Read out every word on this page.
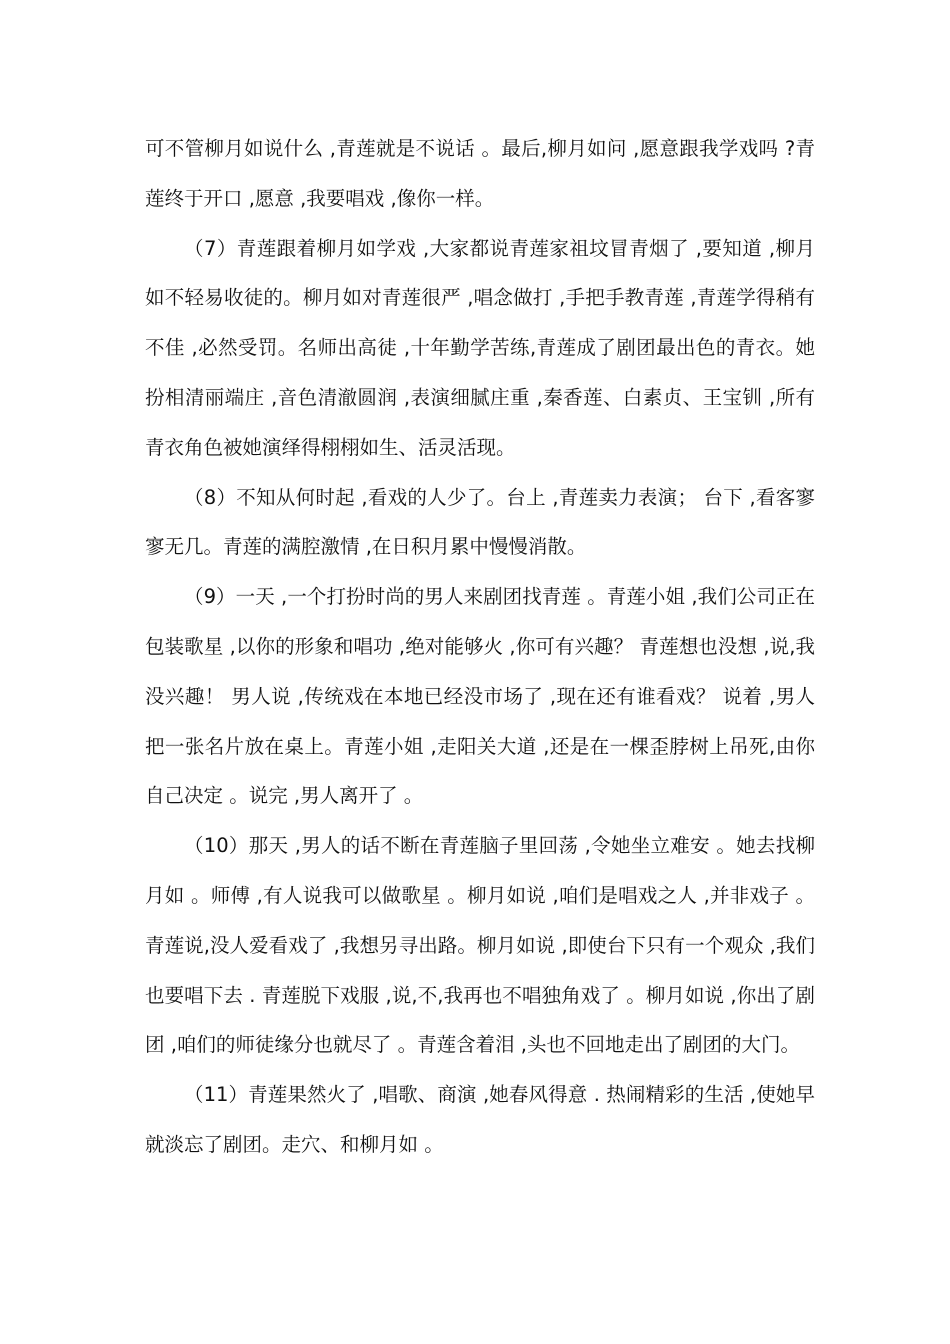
可不管柳月如说什么 ,青莲就是不说话 。最后,柳月如问 ,愿意跟我学戏吗 ?青莲终于开口 ,愿意 ,我要唱戏 ,像你一样。

（7）青莲跟着柳月如学戏 ,大家都说青莲家祖坟冒青烟了 ,要知道 ,柳月如不轻易收徒的。柳月如对青莲很严 ,唱念做打 ,手把手教青莲 ,青莲学得稍有不佳 ,必然受罚。名师出高徒 ,十年勤学苦练,青莲成了剧团最出色的青衣。她扮相清丽端庄 ,音色清澈圆润 ,表演细腻庄重 ,秦香莲、白素贞、王宝钏 ,所有青衣角色被她演绎得栩栩如生、活灵活现。

（8）不知从何时起 ,看戏的人少了。台上 ,青莲卖力表演； 台下 ,看客寥寥无几。青莲的满腔激情 ,在日积月累中慢慢消散。

（9）一天 ,一个打扮时尚的男人来剧团找青莲 。青莲小姐 ,我们公司正在包装歌星 ,以你的形象和唱功 ,绝对能够火 ,你可有兴趣？ 青莲想也没想 ,说,我没兴趣！ 男人说 ,传统戏在本地已经没市场了 ,现在还有谁看戏？ 说着 ,男人把一张名片放在桌上。青莲小姐 ,走阳关大道 ,还是在一棵歪脖树上吊死,由你自己决定 。说完 ,男人离开了 。

（10）那天 ,男人的话不断在青莲脑子里回荡 ,令她坐立难安 。她去找柳月如 。师傅 ,有人说我可以做歌星 。柳月如说 ,咱们是唱戏之人 ,并非戏子 。青莲说,没人爱看戏了 ,我想另寻出路。柳月如说 ,即使台下只有一个观众 ,我们也要唱下去 . 青莲脱下戏服 ,说,不,我再也不唱独角戏了 。柳月如说 ,你出了剧团 ,咱们的师徒缘分也就尽了 。青莲含着泪 ,头也不回地走出了剧团的大门。

（11）青莲果然火了 ,唱歌、商演 ,她春风得意 . 热闹精彩的生活 ,使她早就淡忘了剧团。走穴、和柳月如 。
